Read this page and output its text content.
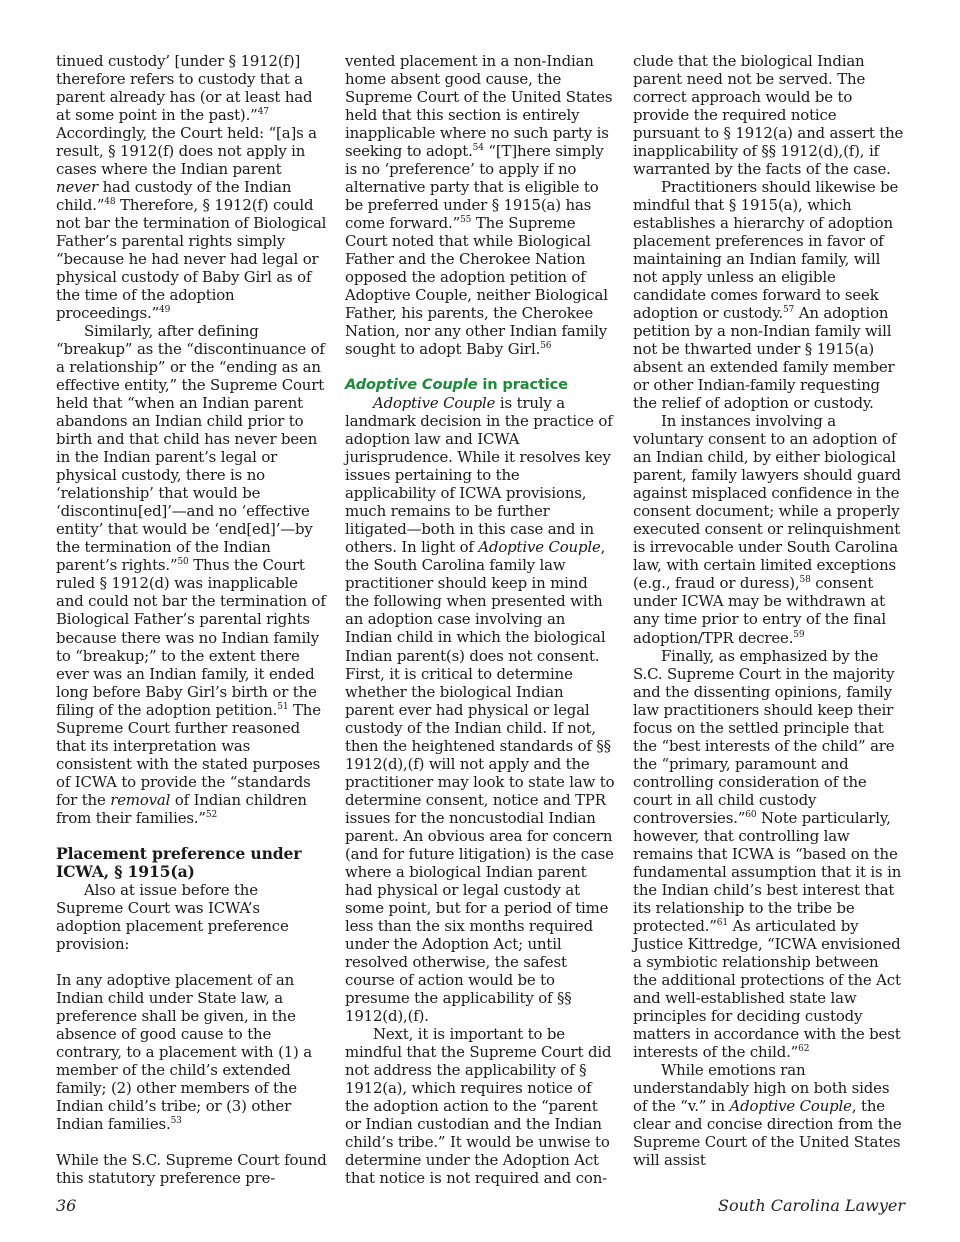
tinued custody’ [under § 1912(f)] therefore refers to custody that a parent already has (or at least had at some point in the past).”$^{47}$ Accordingly, the Court held: “[a]s a result, § 1912(f) does not apply in cases where the Indian parent never had custody of the Indian child.”$^{48}$ Therefore, § 1912(f) could not bar the termination of Biological Father’s parental rights simply “because he had never had legal or physical custody of Baby Girl as of the time of the adoption proceedings.”$^{49}$

Similarly, after defining “breakup” as the “discontinuance of a relationship” or the “ending as an effective entity,” the Supreme Court held that “when an Indian parent abandons an Indian child prior to birth and that child has never been in the Indian parent’s legal or physical custody, there is no ‘relationship’ that would be ‘discontinu[ed]’—and no ‘effective entity’ that would be ‘end[ed]’—by the termination of the Indian parent’s rights.”$^{50}$ Thus the Court ruled § 1912(d) was inapplicable and could not bar the termination of Biological Father’s parental rights because there was no Indian family to “breakup;” to the extent there ever was an Indian family, it ended long before Baby Girl’s birth or the filing of the adoption petition.$^{51}$ The Supreme Court further reasoned that its interpretation was consistent with the stated purposes of ICWA to provide the “standards for the removal of Indian children from their families.”$^{52}$

Placement preference under ICWA, § 1915(a)

Also at issue before the Supreme Court was ICWA’s adoption placement preference provision:

In any adoptive placement of an Indian child under State law, a preference shall be given, in the absence of good cause to the contrary, to a placement with (1) a member of the child’s extended family; (2) other members of the Indian child’s tribe; or (3) other Indian families.$^{53}$

While the S.C. Supreme Court found this statutory preference pre-

vented placement in a non-Indian home absent good cause, the Supreme Court of the United States held that this section is entirely inapplicable where no such party is seeking to adopt.$^{54}$ “[T]here simply is no ‘preference’ to apply if no alternative party that is eligible to be preferred under § 1915(a) has come forward.”$^{55}$ The Supreme Court noted that while Biological Father and the Cherokee Nation opposed the adoption petition of Adoptive Couple, neither Biological Father, his parents, the Cherokee Nation, nor any other Indian family sought to adopt Baby Girl.$^{56}$

Adoptive Couple in practice

Adoptive Couple is truly a landmark decision in the practice of adoption law and ICWA jurisprudence. While it resolves key issues pertaining to the applicability of ICWA provisions, much remains to be further litigated—both in this case and in others. In light of Adoptive Couple, the South Carolina family law practitioner should keep in mind the following when presented with an adoption case involving an Indian child in which the biological Indian parent(s) does not consent. First, it is critical to determine whether the biological Indian parent ever had physical or legal custody of the Indian child. If not, then the heightened standards of §§ 1912(d),(f) will not apply and the practitioner may look to state law to determine consent, notice and TPR issues for the noncustodial Indian parent. An obvious area for concern (and for future litigation) is the case where a biological Indian parent had physical or legal custody at some point, but for a period of time less than the six months required under the Adoption Act; until resolved otherwise, the safest course of action would be to presume the applicability of §§ 1912(d),(f).

Next, it is important to be mindful that the Supreme Court did not address the applicability of § 1912(a), which requires notice of the adoption action to the “parent or Indian custodian and the Indian child’s tribe.” It would be unwise to determine under the Adoption Act that notice is not required and con-

clude that the biological Indian parent need not be served. The correct approach would be to provide the required notice pursuant to § 1912(a) and assert the inapplicability of §§ 1912(d),(f), if warranted by the facts of the case.

Practitioners should likewise be mindful that § 1915(a), which establishes a hierarchy of adoption placement preferences in favor of maintaining an Indian family, will not apply unless an eligible candidate comes forward to seek adoption or custody.$^{57}$ An adoption petition by a non-Indian family will not be thwarted under § 1915(a) absent an extended family member or other Indian-family requesting the relief of adoption or custody.

In instances involving a voluntary consent to an adoption of an Indian child, by either biological parent, family lawyers should guard against misplaced confidence in the consent document; while a properly executed consent or relinquishment is irrevocable under South Carolina law, with certain limited exceptions (e.g., fraud or duress),$^{58}$ consent under ICWA may be withdrawn at any time prior to entry of the final adoption/TPR decree.$^{59}$

Finally, as emphasized by the S.C. Supreme Court in the majority and the dissenting opinions, family law practitioners should keep their focus on the settled principle that the “best interests of the child” are the “primary, paramount and controlling consideration of the court in all child custody controversies.”$^{60}$ Note particularly, however, that controlling law remains that ICWA is “based on the fundamental assumption that it is in the Indian child’s best interest that its relationship to the tribe be protected.”$^{61}$ As articulated by Justice Kittredge, “ICWA envisioned a symbiotic relationship between the additional protections of the Act and well-established state law principles for deciding custody matters in accordance with the best interests of the child.”$^{62}$

While emotions ran understandably high on both sides of the “v.” in Adoptive Couple, the clear and concise direction from the Supreme Court of the United States will assist

36	South Carolina Lawyer
